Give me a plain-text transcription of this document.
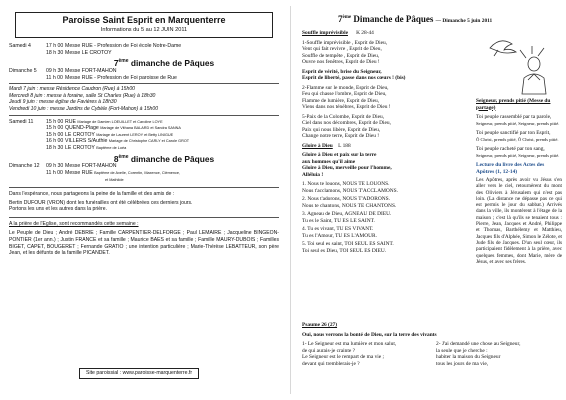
Paroisse Saint Esprit en Marquenterre
Informations du 5 au 12 JUIN 2011
Samedi 4	17 h 00 Messe RUE - Profession de Foi école Notre-Dame
18 h 30 Messe LE CROTOY
7ème dimanche de Pâques
Dimanche 5	09 h 30 Messe FORT-MAHON
11 h 00 Messe RUE - Profession de Foi paroisse de Rue
Mardi 7 juin : messe Résidence Caudron (Rue) à 15h00
Mercredi 8 juin : messe à foraine, salle St Charles (Rue) à 18h30
Jeudi 9 juin : messe église de Favières à 18h30
Vendredi 10 juin : messe Jardins de Cybèle (Fort-Mahon) à 15h00
Samedi 11	15 h 00 RUE Mariage de Damien LOEUILLET et Caroline LOYE
15 h 00 QUEND-Plage Mariage de Vithana BALARD et Sandra SANNA
15 h 00 LE CROTOY Mariage de Laurent LEROY et Betty LINIGUE
16 h 00 VILLERS S/Authie Mariage de Christophe CARLY et Carole GROT
18 h 30 LE CROTOY Baptême de Loéa
8ème dimanche de Pâques
Dimanche 12	09 h 30 Messe FORT-MAHON
11 h 00 Messe RUE Baptême de Axelle, Corentin, Maxence, Clémence,
et Mathilde
Dans l'espérance, nous partageons la peine de la famille et des amis de :
Bertin DUFOUR (VRON) dont les funérailles ont été célébrées ces derniers jours.
Portons les uns et les autres dans la prière.
A la prière de l'Eglise, sont recommandés cette semaine :
Le Peuple de Dieu ; André DEBRIE ; Famille CARPENTIER-DELFORGE ; Paul LEMAIRE ; Jacqueline BINGEON-PONTIER (1er ann.) ; Justin FRANCE et sa famille ; Maurice BAES et sa famille ; Famille MAURY-DUBOIS ; Familles BIGET, CAPET, BOUGERET ; Fernande GRATIO ; une intention particulière ; Marie-Thérèse LEBATTEUR, son père Jean, et les défunts de la famille PICANDET.
Site paroissial : www.paroisse-marquenterre.fr
7ème Dimanche de Pâques — Dimanche 5 juin 2011
Souffle imprévisible K 28-44
1-Souffle imprévisible , Esprit de Dieu,
Vent qui fait revivre , Esprit de Dieu,
Souffle de tempête , Esprit de Dieu,
Ouvre nos fenêtres, Esprit de Dieu !
Esprit de vérité, brise du Seigneur,
Esprit de liberté, passe dans nos cœurs ! (bis)
2-Flamme sur le monde, Esprit de Dieu,
Feu qui chasse l'ombre, Esprit de Dieu,
Flamme de lumière, Esprit de Dieu,
Viens dans nos ténèbres, Esprit de Dieu !
5-Paix de la Colombe, Esprit de Dieu,
Ciel dans nos décombres, Esprit de Dieu,
Paix qui nous libère, Esprit de Dieu,
Change notre terre, Esprit de Dieu !
Gloire à Dieu L 188
Gloire à Dieu et paix sur la terre
aux hommes qu'il aime
Gloire à Dieu, merveille pour l'homme,
Alléluia !
1. Nous te louons, NOUS TE LOUONS.
Nous t'acclamons, NOUS T'ACCLAMONS.
2. Nous t'adorons, NOUS T'ADORONS.
Nous te chantons, NOUS TE CHANTONS.
3. Agneau de Dieu, AGNEAU DE DIEU.
Tu es le Saint, TU ES LE SAINT.
4. Tu es vivant, TU ES VIVANT.
Tu es l'Amour, TU ES L'AMOUR.
5. Toi seul es saint, TOI SEUL ES SAINT.
Toi seul es Dieu, TOI SEUL ES DIEU.
Seigneur, prends pitié (Messe du partage)
Toi peuple rassemblé par ta parole,
Seigneur, prends pitié, Seigneur, prends pitié.
Toi peuple sanctifié par ton Esprit,
Ô Christ, prends pitié, Ô Christ, prends pitié.
Toi peuple racheté par ton sang,
Seigneur, prends pitié, Seigneur, prends pitié.
Lecture du livre des Actes des Apôtres (1, 12-14)
Les Apôtres, après avoir vu Jésus s'en aller vers le ciel, retournèrent du mont des Oliviers à Jérusalem qui n'est pas loin. (La distance ne dépasse pas ce qui est permis le jour du sabbat.) Arrivés dans la ville, ils montèrent à l'étage de la maison ; c'est là qu'ils se tenaient tous : Pierre, Jean, Jacques et André, Philippe et Thomas, Barthélemy et Matthieu, Jacques fils d'Alphée, Simon le Zélote, et Jude fils de Jacques. D'un seul cœur, ils participaient fidèlement à la prière, avec quelques femmes, dont Marie, mère de Jésus, et avec ses frères.
Psaume 26 (27)
Oui, nous verrons la bonté de Dieu, sur la terre des vivants
1- Le Seigneur est ma lumière et mon salut,
de qui aurais-je crainte ?
Le Seigneur est le rempart de ma vie ;
devant qui tremblerais-je ?
2- J'ai demandé une chose au Seigneur,
la seule que je cherche :
habiter la maison du Seigneur
tous les jours de ma vie,
